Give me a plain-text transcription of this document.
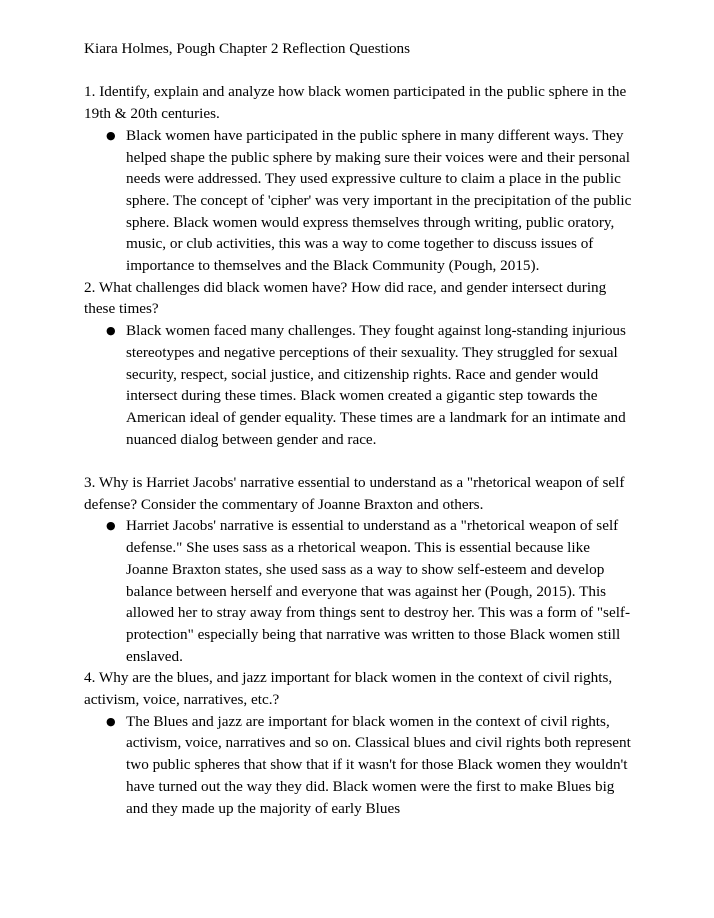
Kiara Holmes, Pough Chapter 2 Reflection Questions

1. Identify, explain and analyze how black women participated in the public sphere in the 19th & 20th centuries.

● Black women have participated in the public sphere in many different ways. They helped shape the public sphere by making sure their voices were and their personal needs were addressed. They used expressive culture to claim a place in the public sphere. The concept of 'cipher' was very important in the precipitation of the public sphere. Black women would express themselves through writing, public oratory, music, or club activities, this was a way to come together to discuss issues of importance to themselves and the Black Community (Pough, 2015).

2. What challenges did black women have? How did race, and gender intersect during these times?

● Black women faced many challenges. They fought against long-standing injurious stereotypes and negative perceptions of their sexuality. They struggled for sexual security, respect, social justice, and citizenship rights. Race and gender would intersect during these times. Black women created a gigantic step towards the American ideal of gender equality. These times are a landmark for an intimate and nuanced dialog between gender and race.

3. Why is Harriet Jacobs' narrative essential to understand as a "rhetorical weapon of self defense? Consider the commentary of Joanne Braxton and others.

● Harriet Jacobs' narrative is essential to understand as a "rhetorical weapon of self defense." She uses sass as a rhetorical weapon. This is essential because like Joanne Braxton states, she used sass as a way to show self-esteem and develop balance between herself and everyone that was against her (Pough, 2015). This allowed her to stray away from things sent to destroy her. This was a form of "self-protection" especially being that narrative was written to those Black women still enslaved.

4. Why are the blues, and jazz important for black women in the context of civil rights, activism, voice, narratives, etc.?

● The Blues and jazz are important for black women in the context of civil rights, activism, voice, narratives and so on. Classical blues and civil rights both represent two public spheres that show that if it wasn't for those Black women they wouldn't have turned out the way they did. Black women were the first to make Blues big and they made up the majority of early Blues
